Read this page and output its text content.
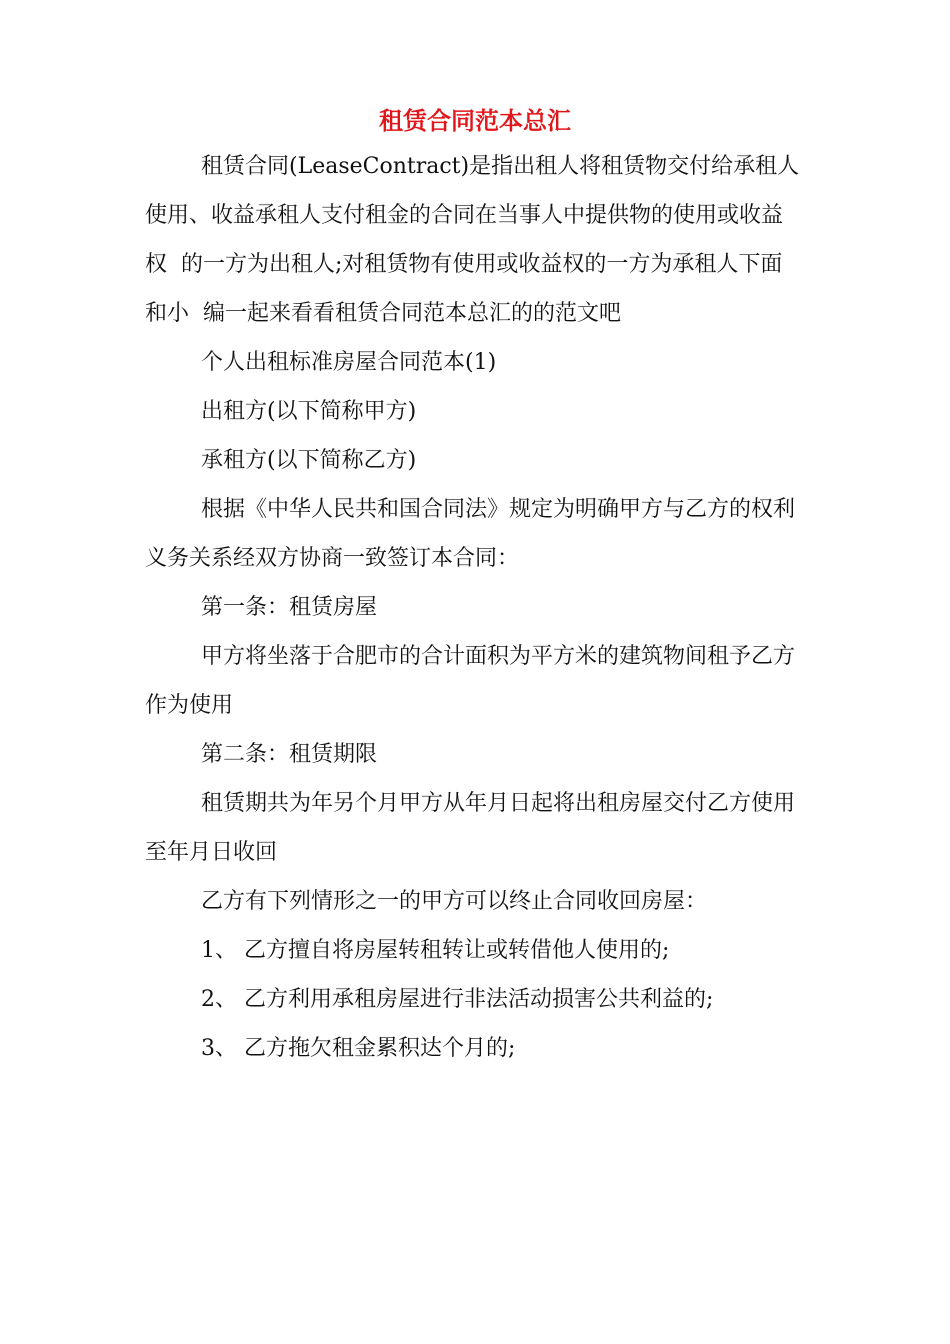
租赁合同范本总汇

租赁合同(LeaseContract)是指出租人将租赁物交付给承租人

使用、收益承租人支付租金的合同在当事人中提供物的使用或收益

权  的一方为出租人;对租赁物有使用或收益权的一方为承租人下面

和小  编一起来看看租赁合同范本总汇的的范文吧

个人出租标准房屋合同范本(1)

出租方(以下简称甲方)

承租方(以下简称乙方)

根据《中华人民共和国合同法》规定为明确甲方与乙方的权利

义务关系经双方协商一致签订本合同：

第一条：租赁房屋

甲方将坐落于合肥市的合计面积为平方米的建筑物间租予乙方

作为使用

第二条：租赁期限

租赁期共为年另个月甲方从年月日起将出租房屋交付乙方使用

至年月日收回

乙方有下列情形之一的甲方可以终止合同收回房屋：

1、 乙方擅自将房屋转租转让或转借他人使用的;

2、 乙方利用承租房屋进行非法活动损害公共利益的;

3、 乙方拖欠租金累积达个月的;
